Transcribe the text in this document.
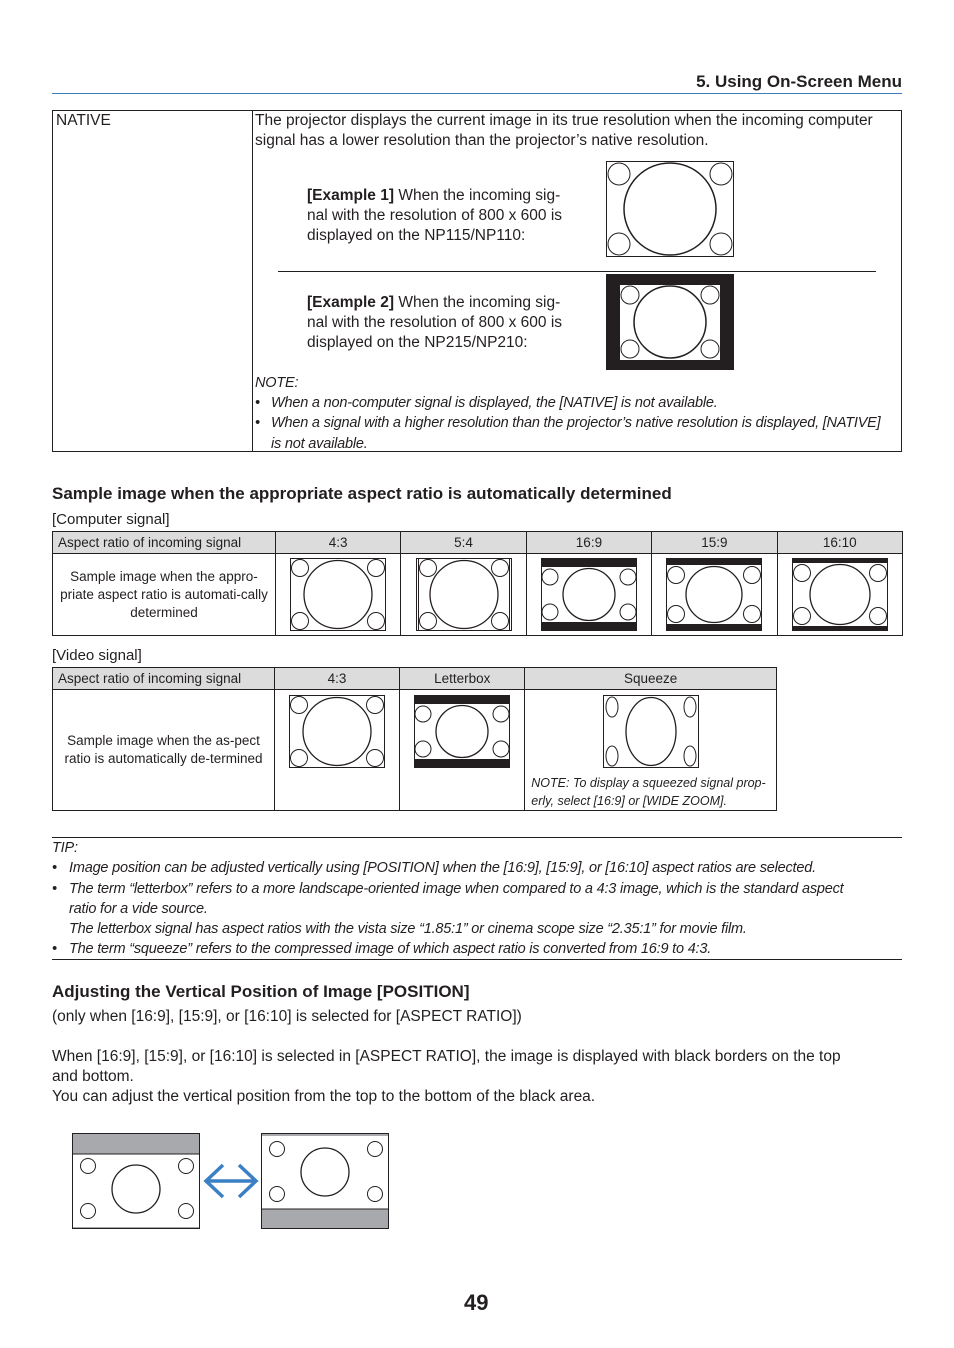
5. Using On-Screen Menu
NATIVE	The projector displays the current image in its true resolution when the incoming computer
signal has a lower resolution than the projector’s native resolution.
[Example 1] When the incoming sig-
nal with the resolution of 800 x 600 is
displayed on the NP115/NP110:
[Example 2] When the incoming sig-
nal with the resolution of 800 x 600 is
displayed on the NP215/NP210:
NOTE:
• When a non-computer signal is displayed, the [NATIVE] is not available.
• When a signal with a higher resolution than the projector’s native resolution is displayed, [NATIVE]
is not available.
Sample image when the appropriate aspect ratio is automatically determined
[Computer signal]
Aspect ratio of incoming signal	4:3	5:4	16:9	15:9	16:10
Sample image when the appro-priate aspect ratio is automati-cally determined	

[Video signal]
Aspect ratio of incoming signal	4:3	Letterbox	Squeeze
Sample image when the as-pect ratio is automatically de-termined			NOTE: To display a squeezed signal prop-
erly, select [16:9] or [WIDE ZOOM].
TIP:
• Image position can be adjusted vertically using [POSITION] when the [16:9], [15:9], or [16:10] aspect ratios are selected.
• The term “letterbox” refers to a more landscape-oriented image when compared to a 4:3 image, which is the standard aspect
ratio for a vide source.
The letterbox signal has aspect ratios with the vista size “1.85:1” or cinema scope size “2.35:1” for movie film.
• The term “squeeze” refers to the compressed image of which aspect ratio is converted from 16:9 to 4:3.
Adjusting the Vertical Position of Image [POSITION]
(only when [16:9], [15:9], or [16:10] is selected for [ASPECT RATIO])
When [16:9], [15:9], or [16:10] is selected in [ASPECT RATIO], the image is displayed with black borders on the top
and bottom.
You can adjust the vertical position from the top to the bottom of the black area.
49
